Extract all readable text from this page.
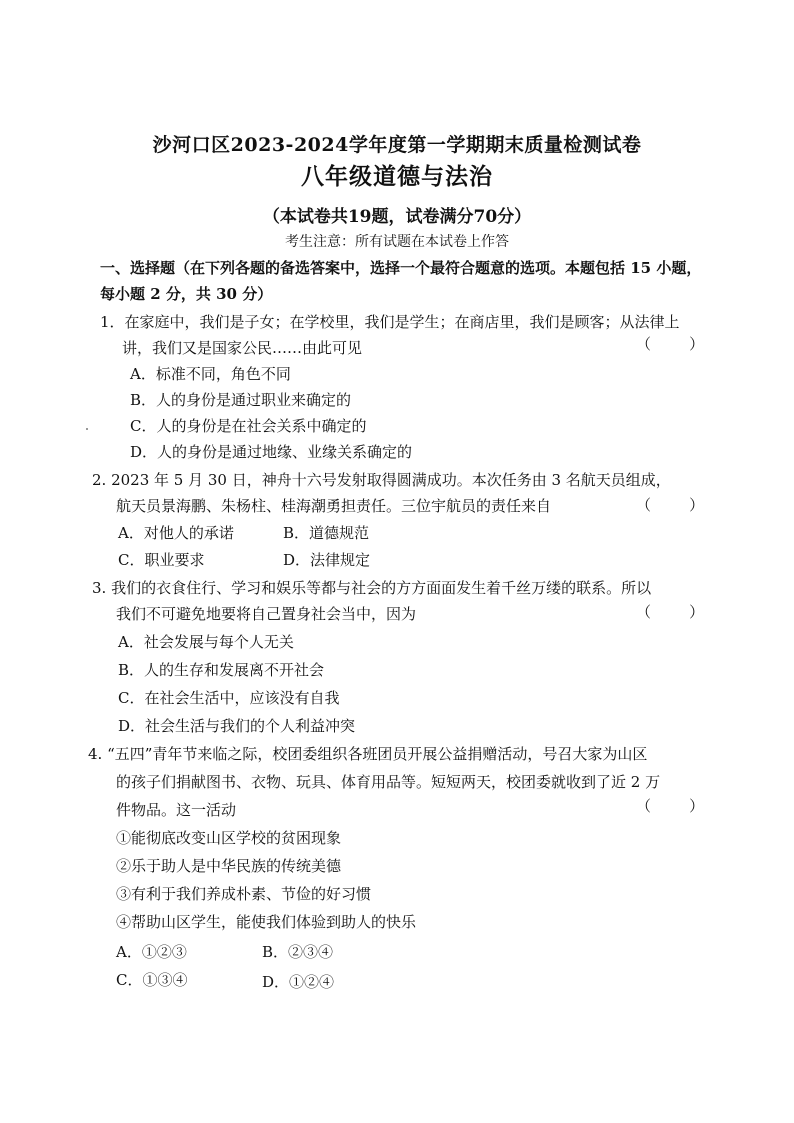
沙河口区2023-2024学年度第一学期期末质量检测试卷
八年级道德与法治
（本试卷共19题，试卷满分70分）
考生注意：所有试题在本试卷上作答
一、选择题（在下列各题的备选答案中，选择一个最符合题意的选项。本题包括 15 小题，
每小题 2 分，共 30 分）
1．在家庭中，我们是子女；在学校里，我们是学生；在商店里，我们是顾客；从法律上
讲，我们又是国家公民……由此可见	（        ）
A．标准不同，角色不同
B．人的身份是通过职业来确定的
C．人的身份是在社会关系中确定的
D．人的身份是通过地缘、业缘关系确定的
2. 2023 年 5 月 30 日，神舟十六号发射取得圆满成功。本次任务由 3 名航天员组成，
航天员景海鹏、朱杨柱、桂海潮勇担责任。三位宇航员的责任来自	（        ）
A．对他人的承诺	B．道德规范
C．职业要求	D．法律规定
3. 我们的衣食住行、学习和娱乐等都与社会的方方面面发生着千丝万缕的联系。所以
我们不可避免地要将自己置身社会当中，因为	（        ）
A．社会发展与每个人无关
B．人的生存和发展离不开社会
C．在社会生活中，应该没有自我
D．社会生活与我们的个人利益冲突
4. “五四”青年节来临之际，校团委组织各班团员开展公益捐赠活动，号召大家为山区
的孩子们捐献图书、衣物、玩具、体育用品等。短短两天，校团委就收到了近 2 万
件物品。这一活动	（        ）
①能彻底改变山区学校的贫困现象
②乐于助人是中华民族的传统美德
③有利于我们养成朴素、节俭的好习惯
④帮助山区学生，能使我们体验到助人的快乐
A．①②③	B．②③④
C．①③④	D．①②④
